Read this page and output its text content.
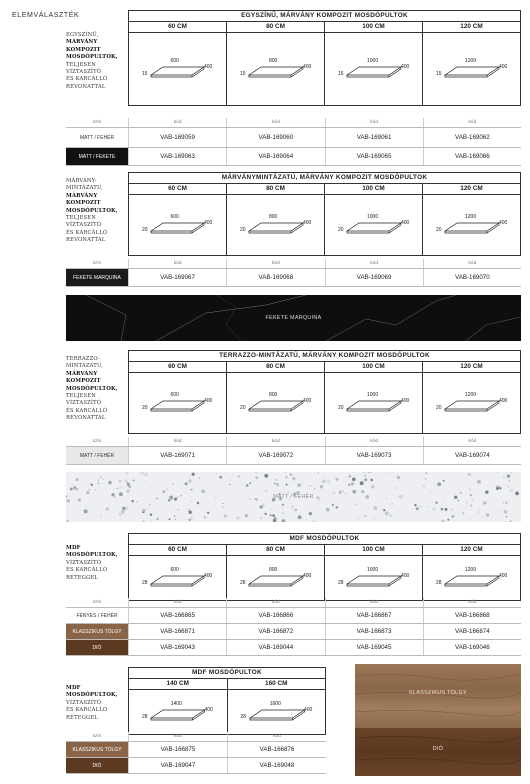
ELEMVÁLASZTÉK	EGYSZÍNŰ, MÁRVÁNY KOMPOZIT MOSDÓPULTOK
EGYSZÍNŰ,
MÁRVÁNY
KOMPOZIT
MOSDÓPULTOK,
TELJESEN
VÍZTASZÍTÓ
ÉS KARCÁLLÓ
REVONATTAL
60 CM	80 CM	100 CM	120 CM
600
400
15
800
400
15
1000
400
15
1200
400
15
szín	kód	kód	kód	kód
MATT / FEHÉR	VAB-169059	VAB-169060	VAB-169061	VAB-169062
MATT / FEKETE	VAB-169063	VAB-169064	VAB-169065	VAB-169066
MÁRVÁNYMINTÁZATÚ, MÁRVÁNY KOMPOZIT MOSDÓPULTOK
MÁRVÁNY-
MINTÁZATÚ,
MÁRVÁNY
KOMPOZIT
MOSDÓPULTOK,
TELJESEN
VÍZTASZÍTÓ
ÉS KARCÁLLÓ
REVONATTAL
60 CM	80 CM	100 CM	120 CM
600
400
20
800
400
20
1000
400
20
1200
400
20
szín	kód	kód	kód	kód
FEKETE MARQUINA	VAB-169067	VAB-169068	VAB-169069	VAB-169070
FEKETE MARQUINA
TERRAZZO-MINTÁZATÚ, MÁRVÁNY KOMPOZIT MOSDÓPULTOK
TERRAZZO-
MINTÁZATÚ,
MÁRVÁNY
KOMPOZIT
MOSDÓPULTOK,
TELJESEN
VÍZTASZÍTÓ
ÉS KARCÁLLÓ
REVONATTAL
60 CM	80 CM	100 CM	120 CM
600
400
20
800
400
20
1000
400
20
1200
400
20
szín	kód	kód	kód	kód
MATT / FEHÉR	VAB-169071	VAB-169072	VAB-169073	VAB-169074
MATT / FEHÉR
MDF MOSDÓPULTOK
MDF
MOSDÓPULTOK,
VÍZTASZÍTÓ
ÉS KARCÁLLÓ
RÉTEGGEL
60 CM	80 CM	100 CM	120 CM
600
400
28
800
400
28
1000
400
28
1200
400
28
szín	kód	kód	kód	kód
FÉNYES / FEHÉR	VAB-166865	VAB-166866	VAB-166867	VAB-166868
KLASSZIKUS TÖLGY	VAB-166871	VAB-166872	VAB-166873	VAB-166874
DIÓ	VAB-169043	VAB-169044	VAB-169045	VAB-169046
MDF MOSDÓPULTOK
MDF
MOSDÓPULTOK,
VÍZTASZÍTÓ
ÉS KARCÁLLÓ
RÉTEGGEL
140 CM	160 CM
1400
400
28
1600
400
28
szín	kód	kód
KLASSZIKUS TÖLGY	VAB-166875	VAB-166876
DIÓ	VAB-169047	VAB-169048
KLASSZIKUS TÖLGY
DIÓ
